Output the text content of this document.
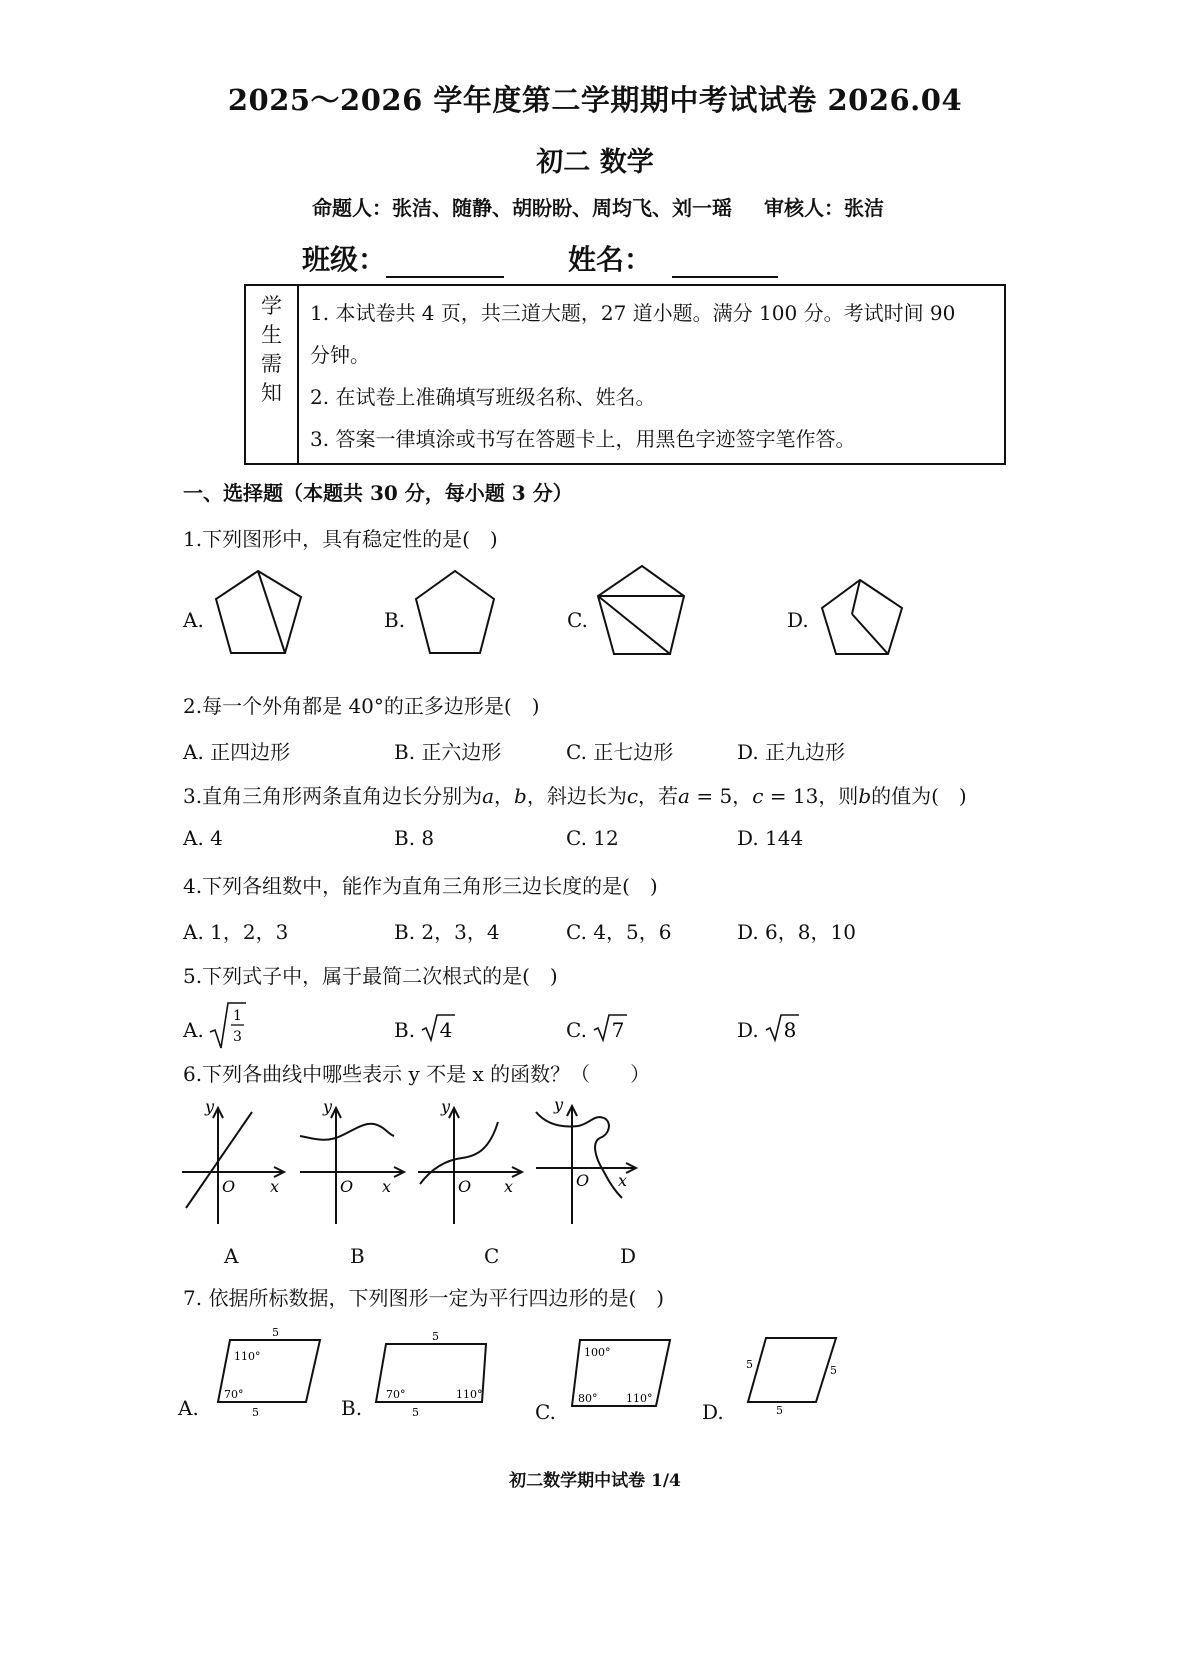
2025～2026 学年度第二学期期中考试试卷 2026.04
初二 数学
命题人：张洁、随静、胡盼盼、周均飞、刘一瑶 审核人：张洁
班级：	姓名：
学
生
需
知
1. 本试卷共 4 页，共三道大题，27 道小题。满分 100 分。考试时间 90
分钟。
2. 在试卷上准确填写班级名称、姓名。
3. 答案一律填涂或书写在答题卡上，用黑色字迹签字笔作答。
一、选择题（本题共 30 分，每小题 3 分）
1.下列图形中，具有稳定性的是(　)
A.	B.	C.	D.
2.每一个外角都是 40°的正多边形是(　)
A. 正四边形	B. 正六边形	C. 正七边形	D. 正九边形
3.直角三角形两条直角边长分别为a，b，斜边长为c，若a = 5，c = 13，则b的值为(　)
A. 4	B. 8	C. 12	D. 144
4.下列各组数中，能作为直角三角形三边长度的是(　)
A. 1，2，3	B. 2，3，4	C. 4，5，6	D. 6，8，10
5.下列式子中，属于最简二次根式的是(　)
A.
1
3	B. 4	C. 7	D. 8
6.下列各曲线中哪些表示 y 不是 x 的函数？（　　）
y
x
O
A
y
x
O
B
y
x
O
C
y
x
O
D
7. 依据所标数据，下列图形一定为平行四边形的是(　)
A.
5
110°
70°
5	B.
5
70°	110°
5	C.
100°
80°	110°
D.
5	5
5
初二数学期中试卷 1/4
